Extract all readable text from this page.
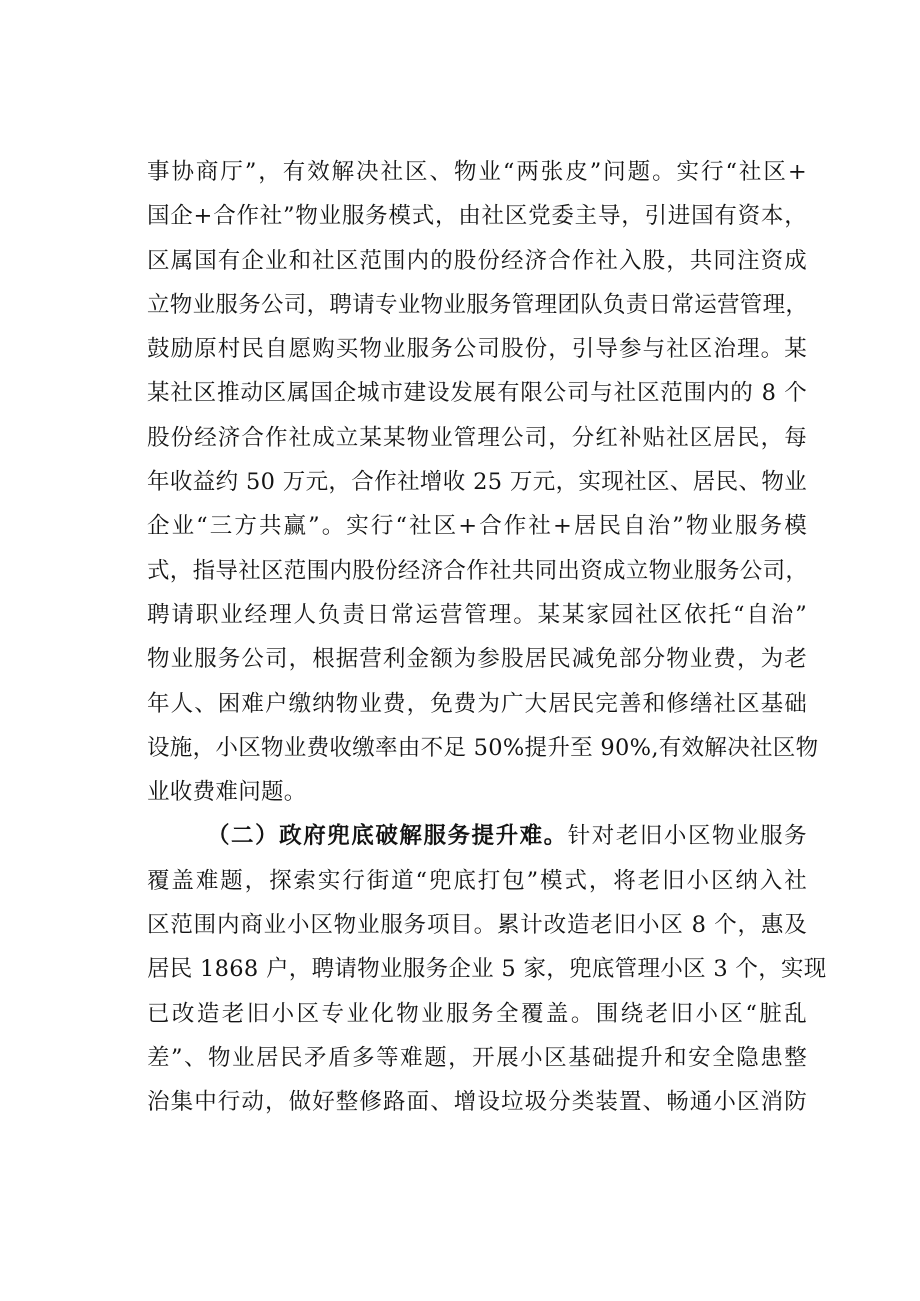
事协商厅”，有效解决社区、物业“两张皮”问题。实行“社区+
国企+合作社”物业服务模式，由社区党委主导，引进国有资本，
区属国有企业和社区范围内的股份经济合作社入股，共同注资成
立物业服务公司，聘请专业物业服务管理团队负责日常运营管理，
鼓励原村民自愿购买物业服务公司股份，引导参与社区治理。某
某社区推动区属国企城市建设发展有限公司与社区范围内的 8 个
股份经济合作社成立某某物业管理公司，分红补贴社区居民，每
年收益约 50 万元，合作社增收 25 万元，实现社区、居民、物业
企业“三方共赢”。实行“社区+合作社+居民自治”物业服务模
式，指导社区范围内股份经济合作社共同出资成立物业服务公司，
聘请职业经理人负责日常运营管理。某某家园社区依托“自治”
物业服务公司，根据营利金额为参股居民减免部分物业费，为老
年人、困难户缴纳物业费，免费为广大居民完善和修缮社区基础
设施，小区物业费收缴率由不足 50%提升至 90%,有效解决社区物
业收费难问题。
（二）政府兜底破解服务提升难。针对老旧小区物业服务
覆盖难题，探索实行街道“兜底打包”模式，将老旧小区纳入社
区范围内商业小区物业服务项目。累计改造老旧小区 8 个，惠及
居民 1868 户，聘请物业服务企业 5 家，兜底管理小区 3 个，实现
已改造老旧小区专业化物业服务全覆盖。围绕老旧小区“脏乱
差”、物业居民矛盾多等难题，开展小区基础提升和安全隐患整
治集中行动，做好整修路面、增设垃圾分类装置、畅通小区消防
